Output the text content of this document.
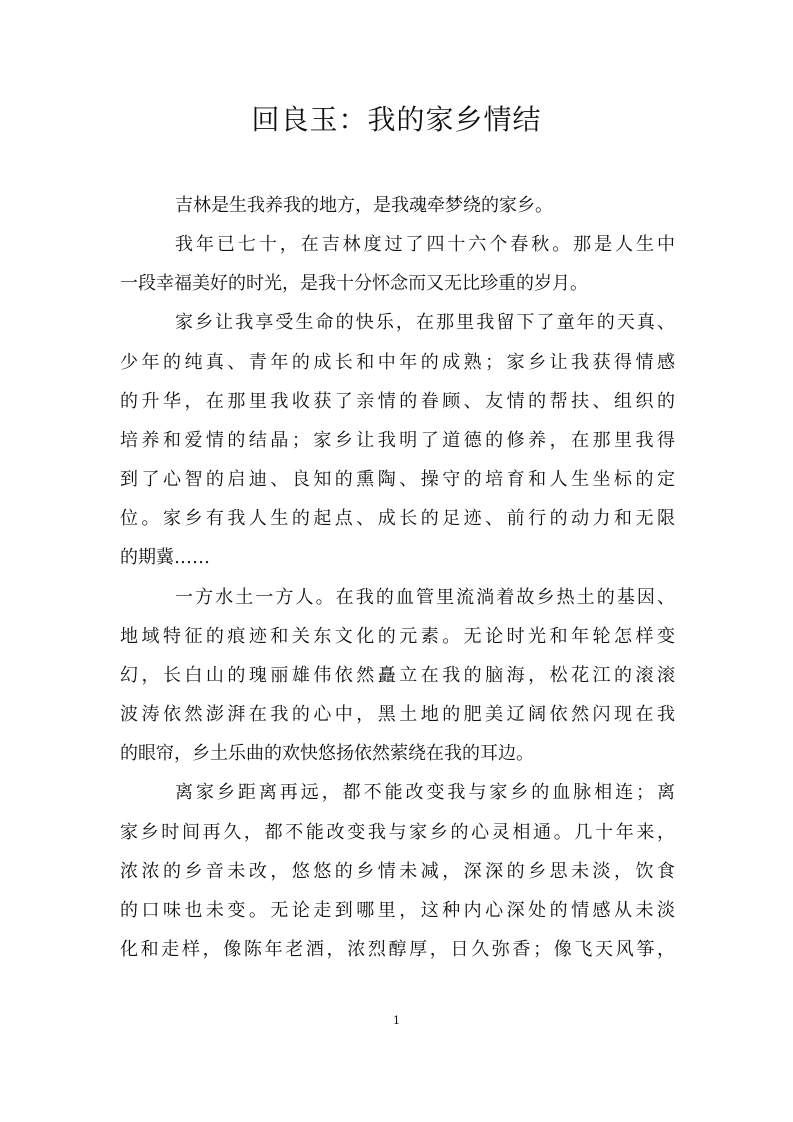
回良玉：我的家乡情结
吉林是生我养我的地方，是我魂牵梦绕的家乡。
我年已七十，在吉林度过了四十六个春秋。那是人生中
一段幸福美好的时光，是我十分怀念而又无比珍重的岁月。
家乡让我享受生命的快乐，在那里我留下了童年的天真、
少年的纯真、青年的成长和中年的成熟；家乡让我获得情感
的升华，在那里我收获了亲情的眷顾、友情的帮扶、组织的
培养和爱情的结晶；家乡让我明了道德的修养，在那里我得
到了心智的启迪、良知的熏陶、操守的培育和人生坐标的定
位。家乡有我人生的起点、成长的足迹、前行的动力和无限
的期冀……
一方水土一方人。在我的血管里流淌着故乡热土的基因、
地域特征的痕迹和关东文化的元素。无论时光和年轮怎样变
幻，长白山的瑰丽雄伟依然矗立在我的脑海，松花江的滚滚
波涛依然澎湃在我的心中，黑土地的肥美辽阔依然闪现在我
的眼帘，乡土乐曲的欢快悠扬依然萦绕在我的耳边。
离家乡距离再远，都不能改变我与家乡的血脉相连；离
家乡时间再久，都不能改变我与家乡的心灵相通。几十年来，
浓浓的乡音未改，悠悠的乡情未减，深深的乡思未淡，饮食
的口味也未变。无论走到哪里，这种内心深处的情感从未淡
化和走样，像陈年老酒，浓烈醇厚，日久弥香；像飞天风筝，
1
